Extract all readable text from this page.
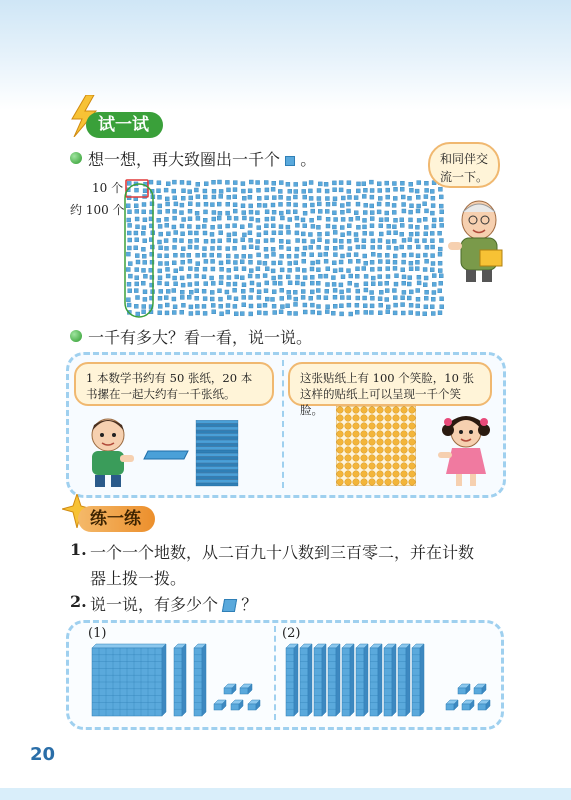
试一试
想一想，再大致圈出一千个 。
10 个
约 100 个
和同伴交流一下。
一千有多大？看一看，说一说。
1 本数学书约有 50 张纸，20 本书摞在一起大约有一千张纸。
这张贴纸上有 100 个笑脸，10 张这样的贴纸上可以呈现一千个笑脸。
练一练
1. 一个一个地数，从二百九十八数到三百零二，并在计数
器上拨一拨。
2. 说一说，有多少个 ？
(1)	(2)
20
